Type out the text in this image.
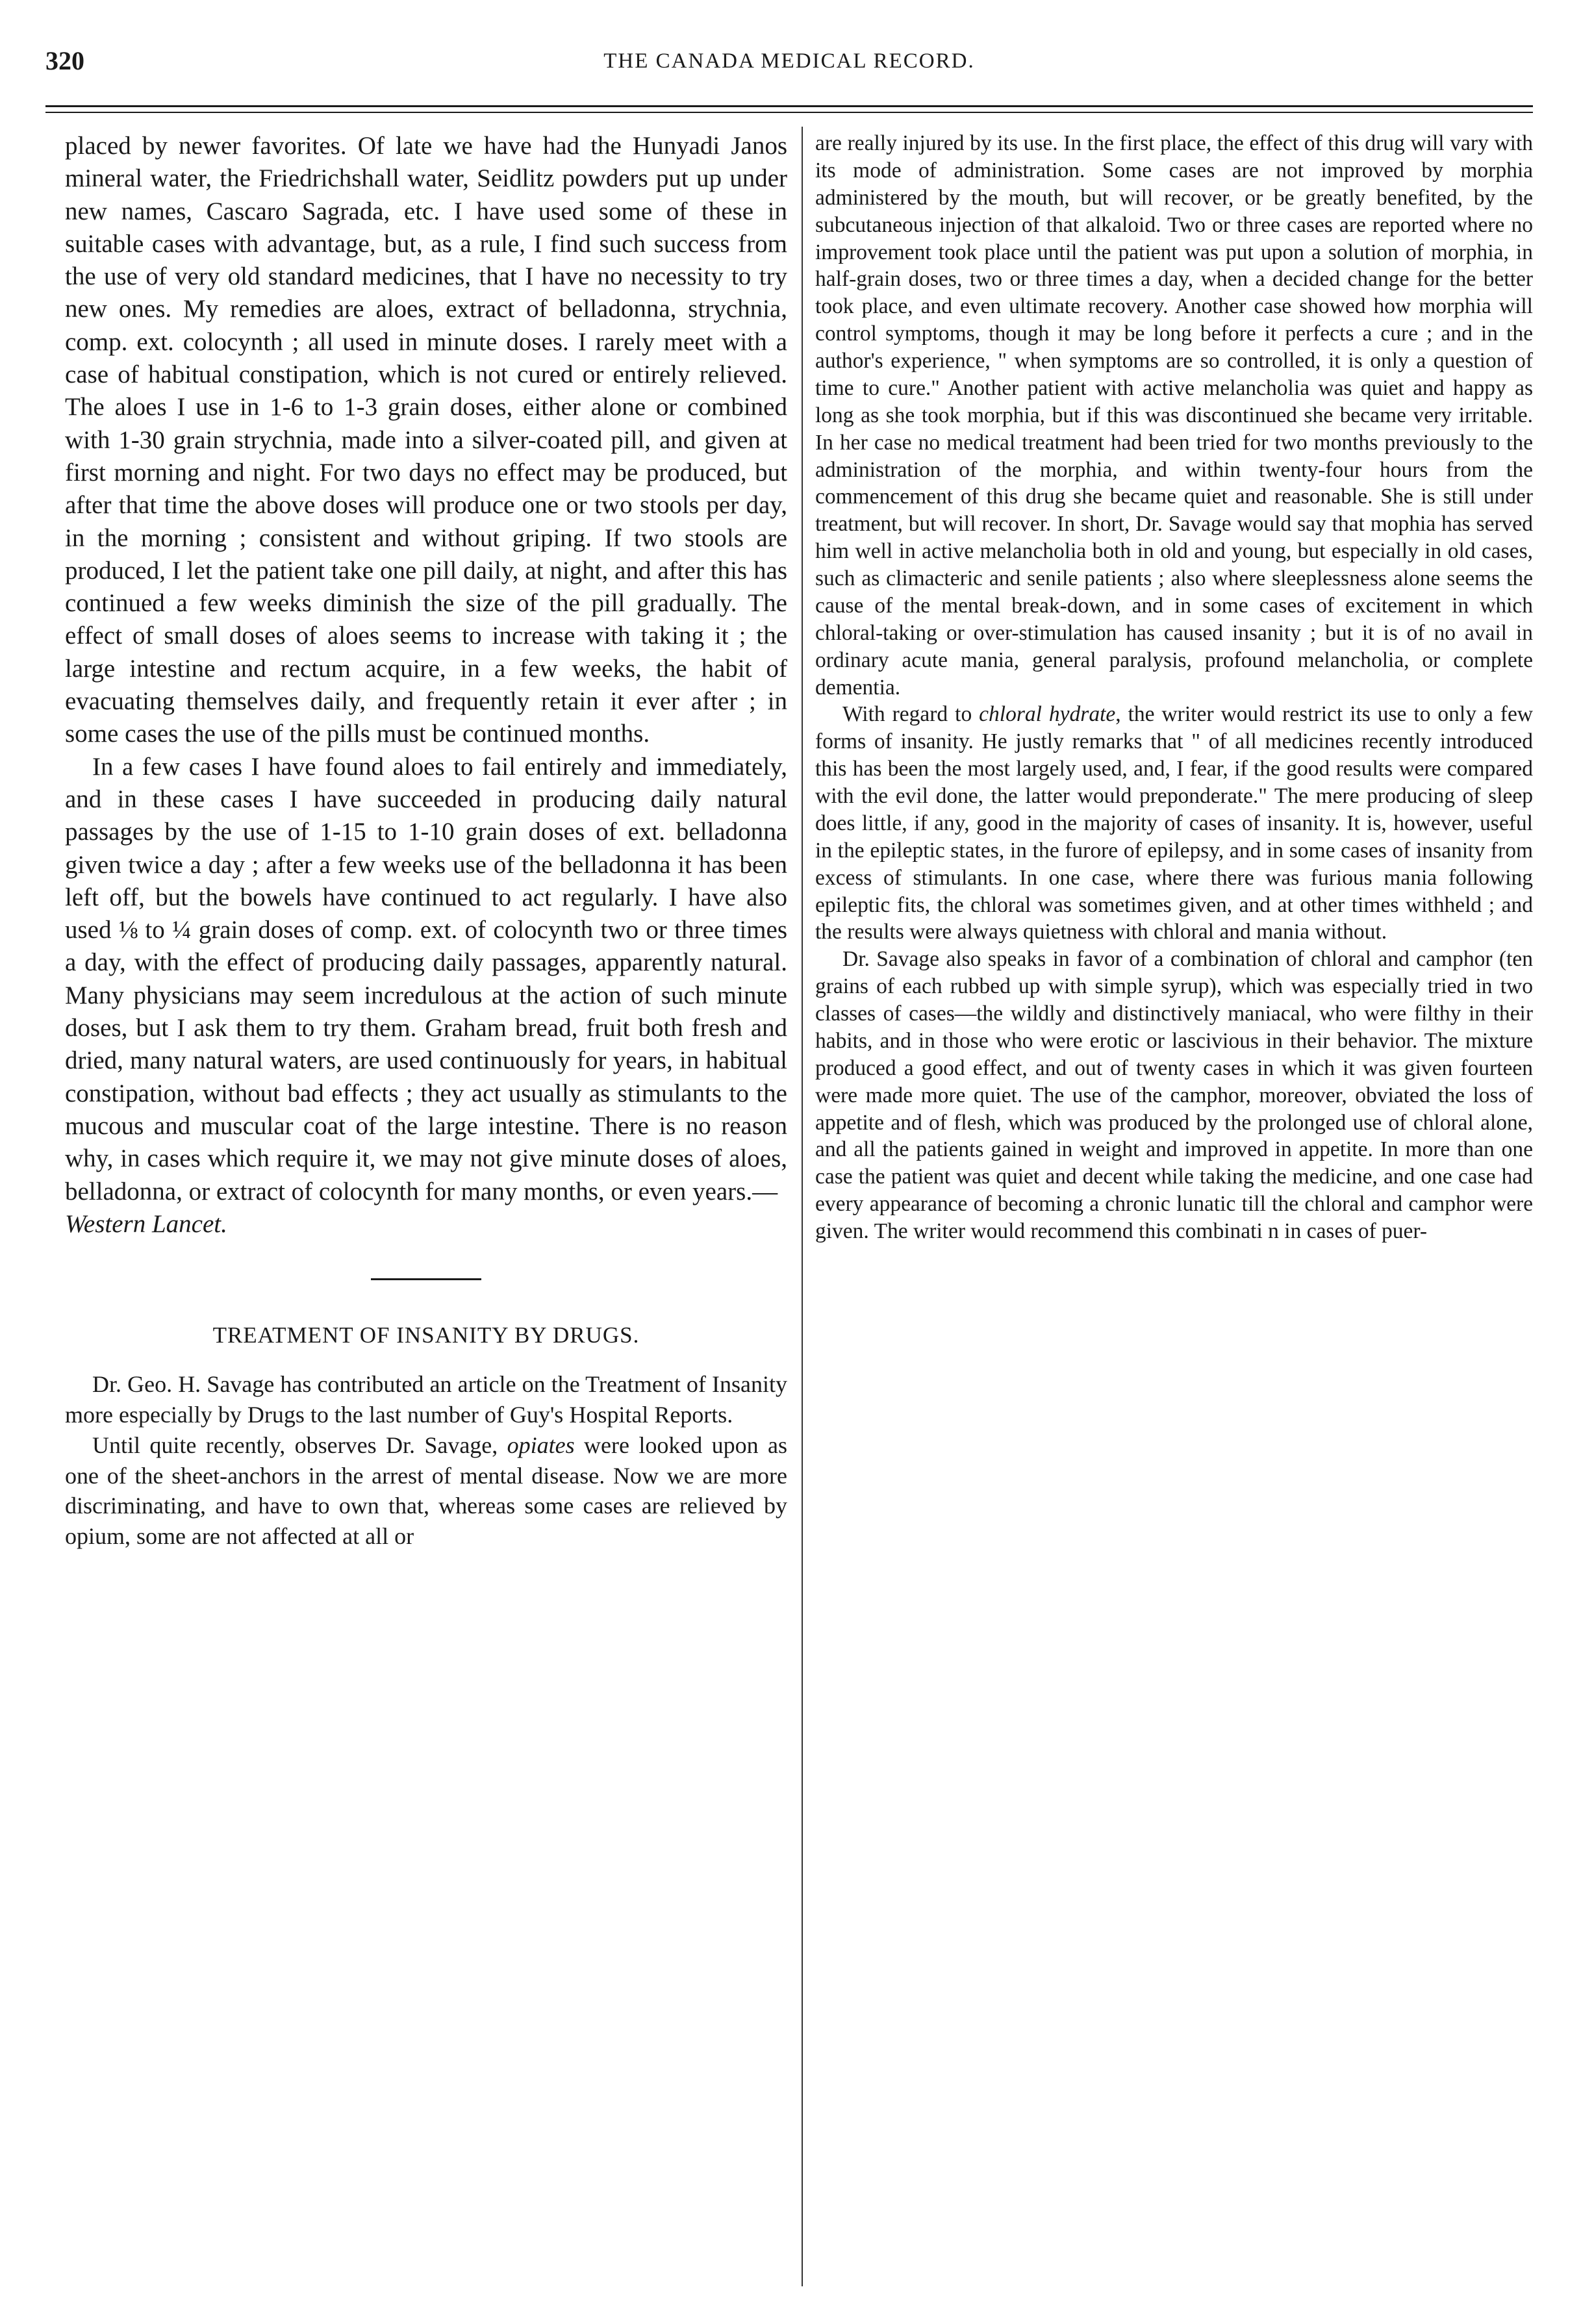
320	THE CANADA MEDICAL RECORD.

placed by newer favorites. Of late we have had the Hunyadi Janos mineral water, the Friedrichshall water, Seidlitz powders put up under new names, Cascaro Sagrada, etc. I have used some of these in suitable cases with advantage, but, as a rule, I find such success from the use of very old standard medicines, that I have no necessity to try new ones. My remedies are aloes, extract of belladonna, strychnia, comp. ext. colocynth ; all used in minute doses. I rarely meet with a case of habitual constipation, which is not cured or entirely relieved. The aloes I use in 1-6 to 1-3 grain doses, either alone or combined with 1-30 grain strychnia, made into a silver-coated pill, and given at first morning and night. For two days no effect may be produced, but after that time the above doses will produce one or two stools per day, in the morning ; consistent and without griping. If two stools are produced, I let the patient take one pill daily, at night, and after this has continued a few weeks diminish the size of the pill gradually. The effect of small doses of aloes seems to increase with taking it ; the large intestine and rectum acquire, in a few weeks, the habit of evacuating themselves daily, and frequently retain it ever after ; in some cases the use of the pills must be continued months.

In a few cases I have found aloes to fail entirely and immediately, and in these cases I have succeeded in producing daily natural passages by the use of 1-15 to 1-10 grain doses of ext. belladonna given twice a day ; after a few weeks use of the belladonna it has been left off, but the bowels have continued to act regularly. I have also used ⅛ to ¼ grain doses of comp. ext. of colocynth two or three times a day, with the effect of producing daily passages, apparently natural. Many physicians may seem incredulous at the action of such minute doses, but I ask them to try them. Graham bread, fruit both fresh and dried, many natural waters, are used continuously for years, in habitual constipation, without bad effects ; they act usually as stimulants to the mucous and muscular coat of the large intestine. There is no reason why, in cases which require it, we may not give minute doses of aloes, belladonna, or extract of colocynth for many months, or even years.—

Western Lancet.

TREATMENT OF INSANITY BY DRUGS.

Dr. Geo. H. Savage has contributed an article on the Treatment of Insanity more especially by Drugs to the last number of Guy's Hospital Reports.

Until quite recently, observes Dr. Savage, opiates were looked upon as one of the sheet-anchors in the arrest of mental disease. Now we are more discriminating, and have to own that, whereas some cases are relieved by opium, some are not affected at all or

are really injured by its use. In the first place, the effect of this drug will vary with its mode of administration. Some cases are not improved by morphia administered by the mouth, but will recover, or be greatly benefited, by the subcutaneous injection of that alkaloid. Two or three cases are reported where no improvement took place until the patient was put upon a solution of morphia, in half-grain doses, two or three times a day, when a decided change for the better took place, and even ultimate recovery. Another case showed how morphia will control symptoms, though it may be long before it perfects a cure ; and in the author's experience, " when symptoms are so controlled, it is only a question of time to cure." Another patient with active melancholia was quiet and happy as long as she took morphia, but if this was discontinued she became very irritable. In her case no medical treatment had been tried for two months previously to the administration of the morphia, and within twenty-four hours from the commencement of this drug she became quiet and reasonable. She is still under treatment, but will recover. In short, Dr. Savage would say that mophia has served him well in active melancholia both in old and young, but especially in old cases, such as climacteric and senile patients ; also where sleeplessness alone seems the cause of the mental break-down, and in some cases of excitement in which chloral-taking or over-stimulation has caused insanity ; but it is of no avail in ordinary acute mania, general paralysis, profound melancholia, or complete dementia.

With regard to chloral hydrate, the writer would restrict its use to only a few forms of insanity. He justly remarks that " of all medicines recently introduced this has been the most largely used, and, I fear, if the good results were compared with the evil done, the latter would preponderate." The mere producing of sleep does little, if any, good in the majority of cases of insanity. It is, however, useful in the epileptic states, in the furore of epilepsy, and in some cases of insanity from excess of stimulants. In one case, where there was furious mania following epileptic fits, the chloral was sometimes given, and at other times withheld ; and the results were always quietness with chloral and mania without.

Dr. Savage also speaks in favor of a combination of chloral and camphor (ten grains of each rubbed up with simple syrup), which was especially tried in two classes of cases—the wildly and distinctively maniacal, who were filthy in their habits, and in those who were erotic or lascivious in their behavior. The mixture produced a good effect, and out of twenty cases in which it was given fourteen were made more quiet. The use of the camphor, moreover, obviated the loss of appetite and of flesh, which was produced by the prolonged use of chloral alone, and all the patients gained in weight and improved in appetite. In more than one case the patient was quiet and decent while taking the medicine, and one case had every appearance of becoming a chronic lunatic till the chloral and camphor were given. The writer would recommend this combinati n in cases of puer-
